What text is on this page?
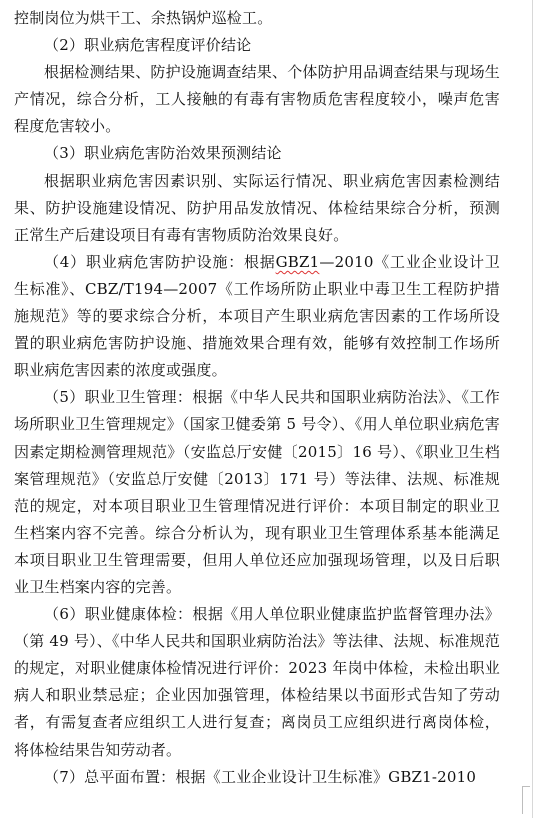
控制岗位为烘干工、余热锅炉巡检工。

（2）职业病危害程度评价结论

根据检测结果、防护设施调查结果、个体防护用品调查结果与现场生产情况，综合分析，工人接触的有毒有害物质危害程度较小，噪声危害程度危害较小。

（3）职业病危害防治效果预测结论

根据职业病危害因素识别、实际运行情况、职业病危害因素检测结果、防护设施建设情况、防护用品发放情况、体检结果综合分析，预测正常生产后建设项目有毒有害物质防治效果良好。

（4）职业病危害防护设施：根据GBZ1—2010《工业企业设计卫生标准》、CBZ/T194—2007《工作场所防止职业中毒卫生工程防护措施规范》等的要求综合分析，本项目产生职业病危害因素的工作场所设置的职业病危害防护设施、措施效果合理有效，能够有效控制工作场所职业病危害因素的浓度或强度。

（5）职业卫生管理：根据《中华人民共和国职业病防治法》、《工作场所职业卫生管理规定》（国家卫健委第 5 号令）、《用人单位职业病危害因素定期检测管理规范》（安监总厅安健〔2015〕16 号）、《职业卫生档案管理规范》（安监总厅安健〔2013〕171 号）等法律、法规、标准规范的规定，对本项目职业卫生管理情况进行评价：本项目制定的职业卫生档案内容不完善。综合分析认为，现有职业卫生管理体系基本能满足本项目职业卫生管理需要，但用人单位还应加强现场管理，以及日后职业卫生档案内容的完善。

（6）职业健康体检：根据《用人单位职业健康监护监督管理办法》（第 49 号）、《中华人民共和国职业病防治法》等法律、法规、标准规范的规定，对职业健康体检情况进行评价：2023 年岗中体检，未检出职业病人和职业禁忌症；企业因加强管理，体检结果以书面形式告知了劳动者，有需复查者应组织工人进行复查；离岗员工应组织进行离岗体检，将体检结果告知劳动者。

（7）总平面布置：根据《工业企业设计卫生标准》GBZ1-2010
